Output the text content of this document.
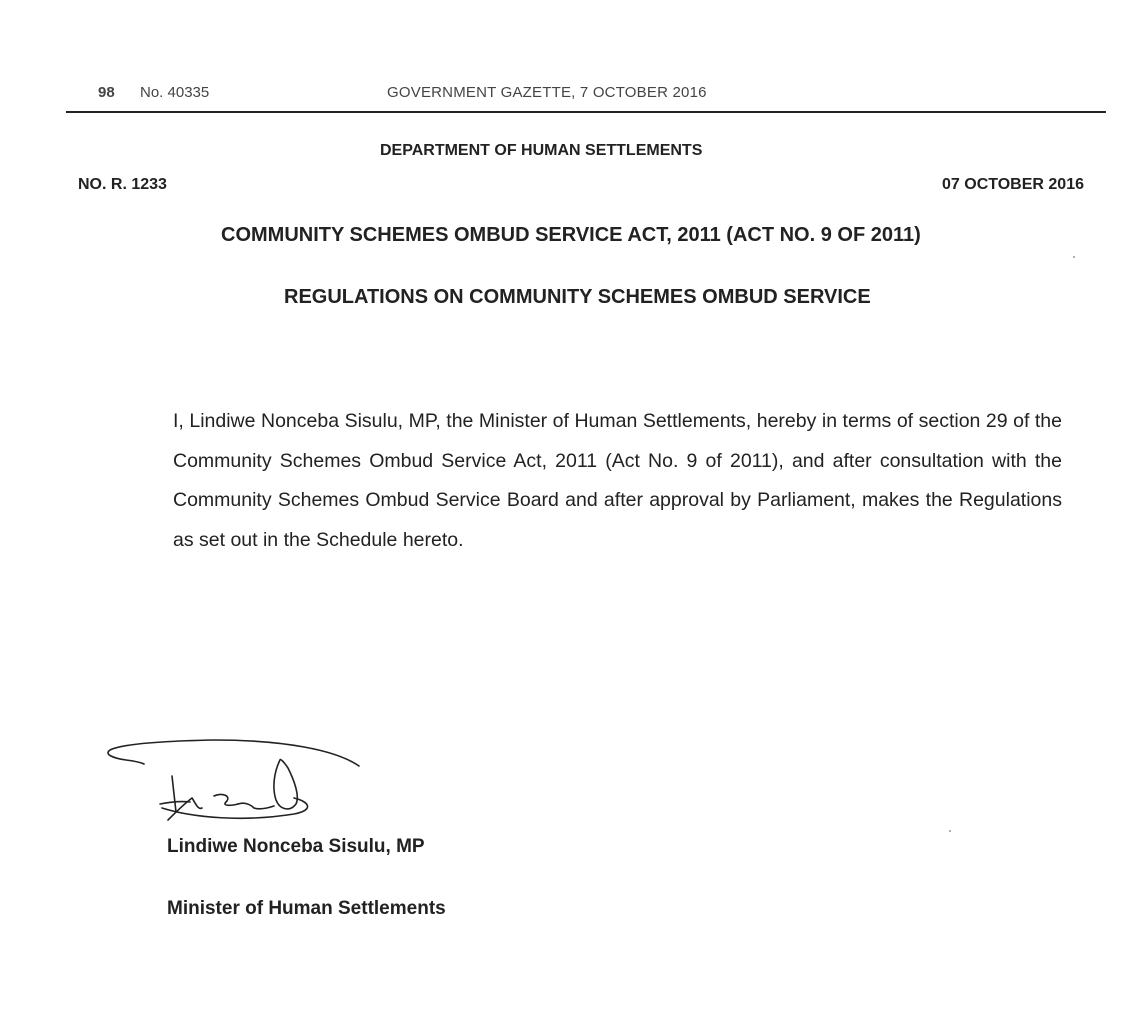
98 No. 40335	GOVERNMENT GAZETTE, 7 OCTOBER 2016
DEPARTMENT OF HUMAN SETTLEMENTS
NO. R. 1233	07 OCTOBER 2016
COMMUNITY SCHEMES OMBUD SERVICE ACT, 2011 (ACT NO. 9 OF 2011)
REGULATIONS ON COMMUNITY SCHEMES OMBUD SERVICE

I, Lindiwe Nonceba Sisulu, MP, the Minister of Human Settlements, hereby in terms of section 29 of the Community Schemes Ombud Service Act, 2011 (Act No. 9 of 2011), and after consultation with the Community Schemes Ombud Service Board and after approval by Parliament, makes the Regulations as set out in the Schedule hereto.

Lindiwe Nonceba Sisulu, MP
Minister of Human Settlements
